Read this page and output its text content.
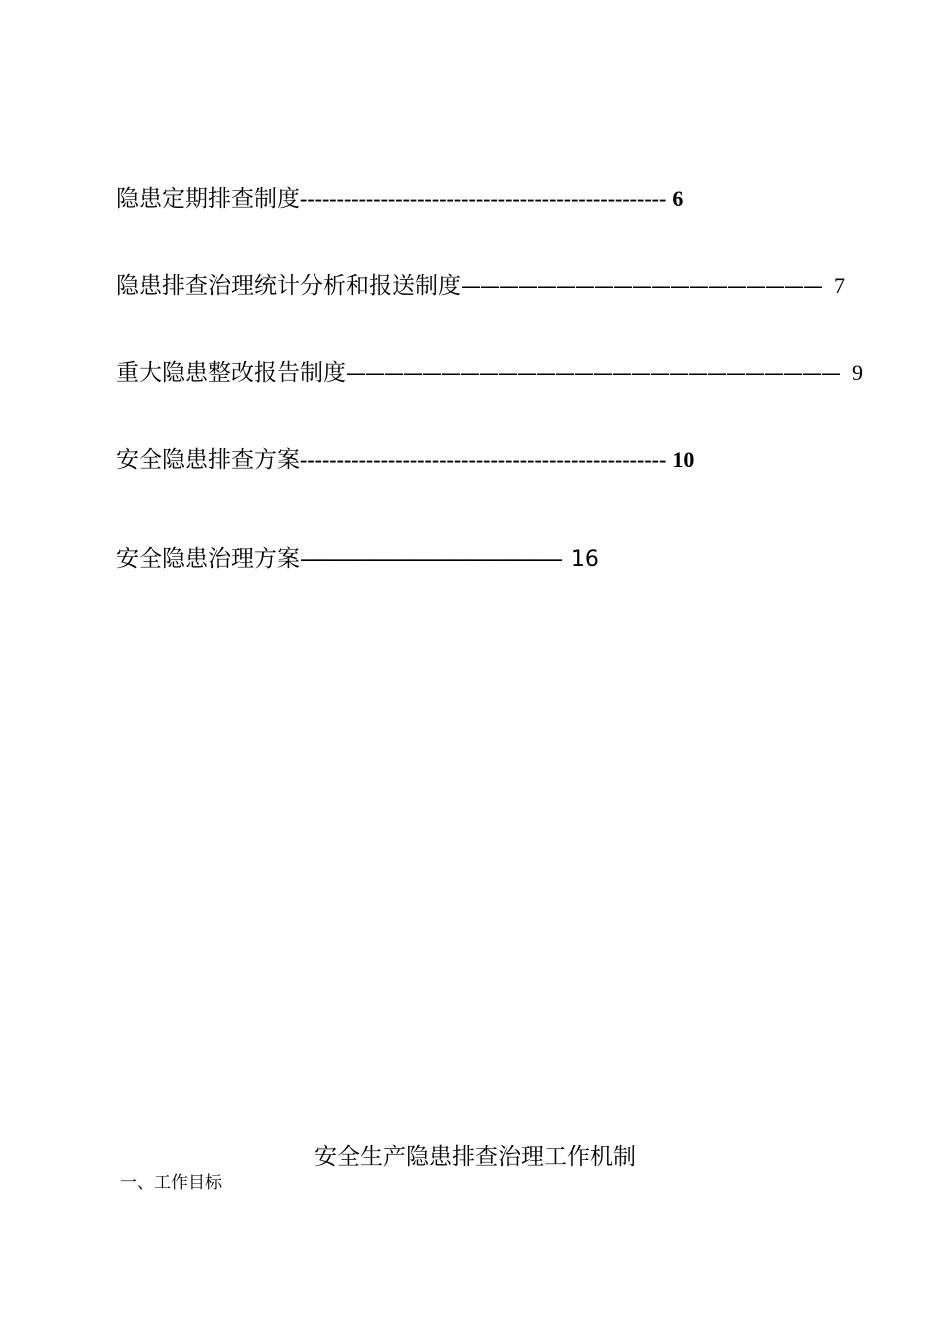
隐患定期排查制度-------------------------------------------------- 6
隐患排查治理统计分析和报送制度——————————————————— 7
重大隐患整改报告制度—————————————————————————— 9
安全隐患排查方案-------------------------------------------------- 10
安全隐患治理方案---------------------------------------------------- 16
安全生产隐患排查治理工作机制
一、工作目标
